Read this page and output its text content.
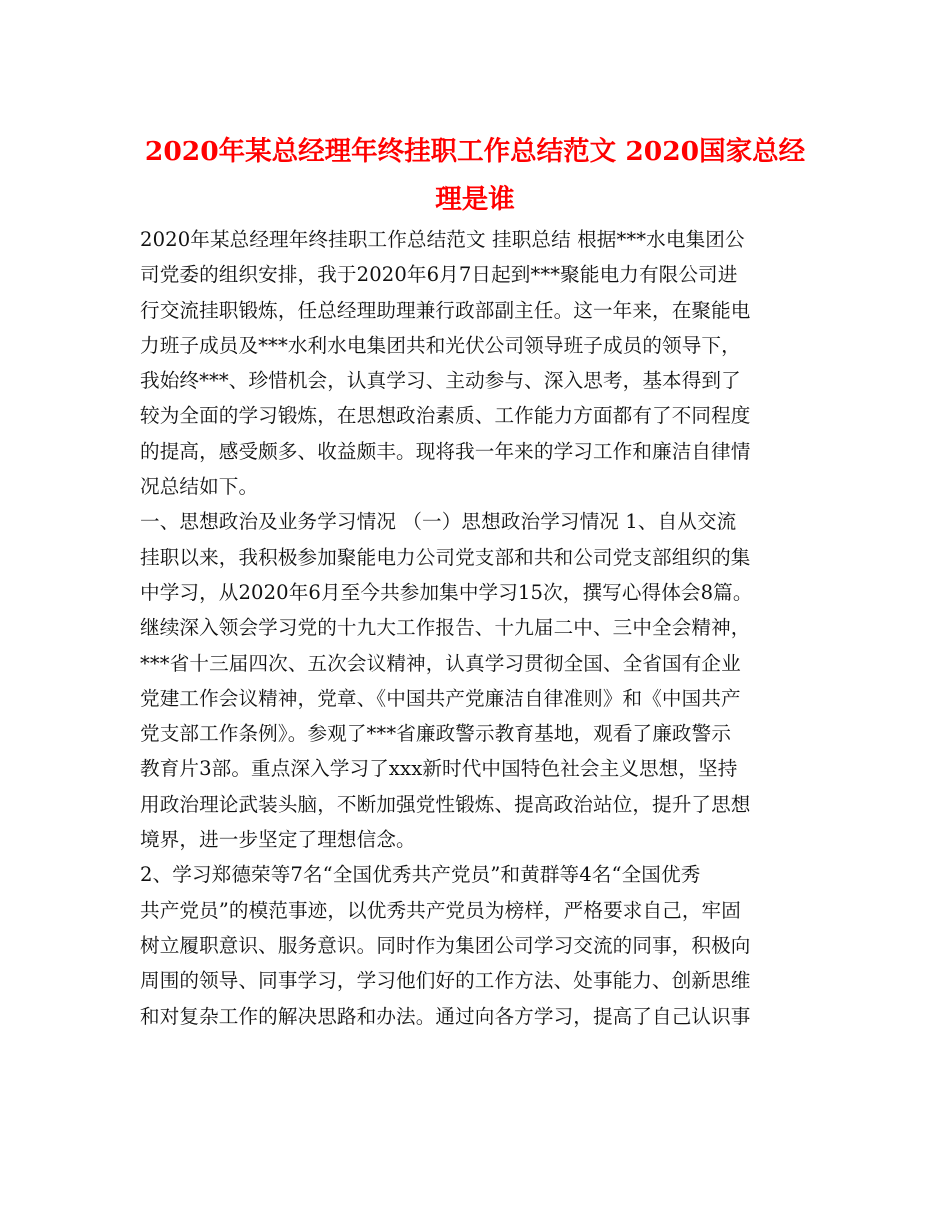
2020年某总经理年终挂职工作总结范文 2020国家总经
理是谁
2020年某总经理年终挂职工作总结范文 挂职总结 根据***水电集团公
司党委的组织安排，我于2020年6月7日起到***聚能电力有限公司进
行交流挂职锻炼，任总经理助理兼行政部副主任。这一年来，在聚能电
力班子成员及***水利水电集团共和光伏公司领导班子成员的领导下，
我始终***、珍惜机会，认真学习、主动参与、深入思考，基本得到了
较为全面的学习锻炼，在思想政治素质、工作能力方面都有了不同程度
的提高，感受颇多、收益颇丰。现将我一年来的学习工作和廉洁自律情
况总结如下。
一、思想政治及业务学习情况 （一）思想政治学习情况 1、自从交流
挂职以来，我积极参加聚能电力公司党支部和共和公司党支部组织的集
中学习，从2020年6月至今共参加集中学习15次，撰写心得体会8篇。
继续深入领会学习党的十九大工作报告、十九届二中、三中全会精神，
***省十三届四次、五次会议精神，认真学习贯彻全国、全省国有企业
党建工作会议精神，党章、《中国共产党廉洁自律准则》和《中国共产
党支部工作条例》。参观了***省廉政警示教育基地，观看了廉政警示
教育片3部。重点深入学习了xxx新时代中国特色社会主义思想，坚持
用政治理论武装头脑，不断加强党性锻炼、提高政治站位，提升了思想
境界，进一步坚定了理想信念。
2、学习郑德荣等7名“全国优秀共产党员”和黄群等4名“全国优秀
共产党员”的模范事迹，以优秀共产党员为榜样，严格要求自己，牢固
树立履职意识、服务意识。同时作为集团公司学习交流的同事，积极向
周围的领导、同事学习，学习他们好的工作方法、处事能力、创新思维
和对复杂工作的解决思路和办法。通过向各方学习，提高了自己认识事
